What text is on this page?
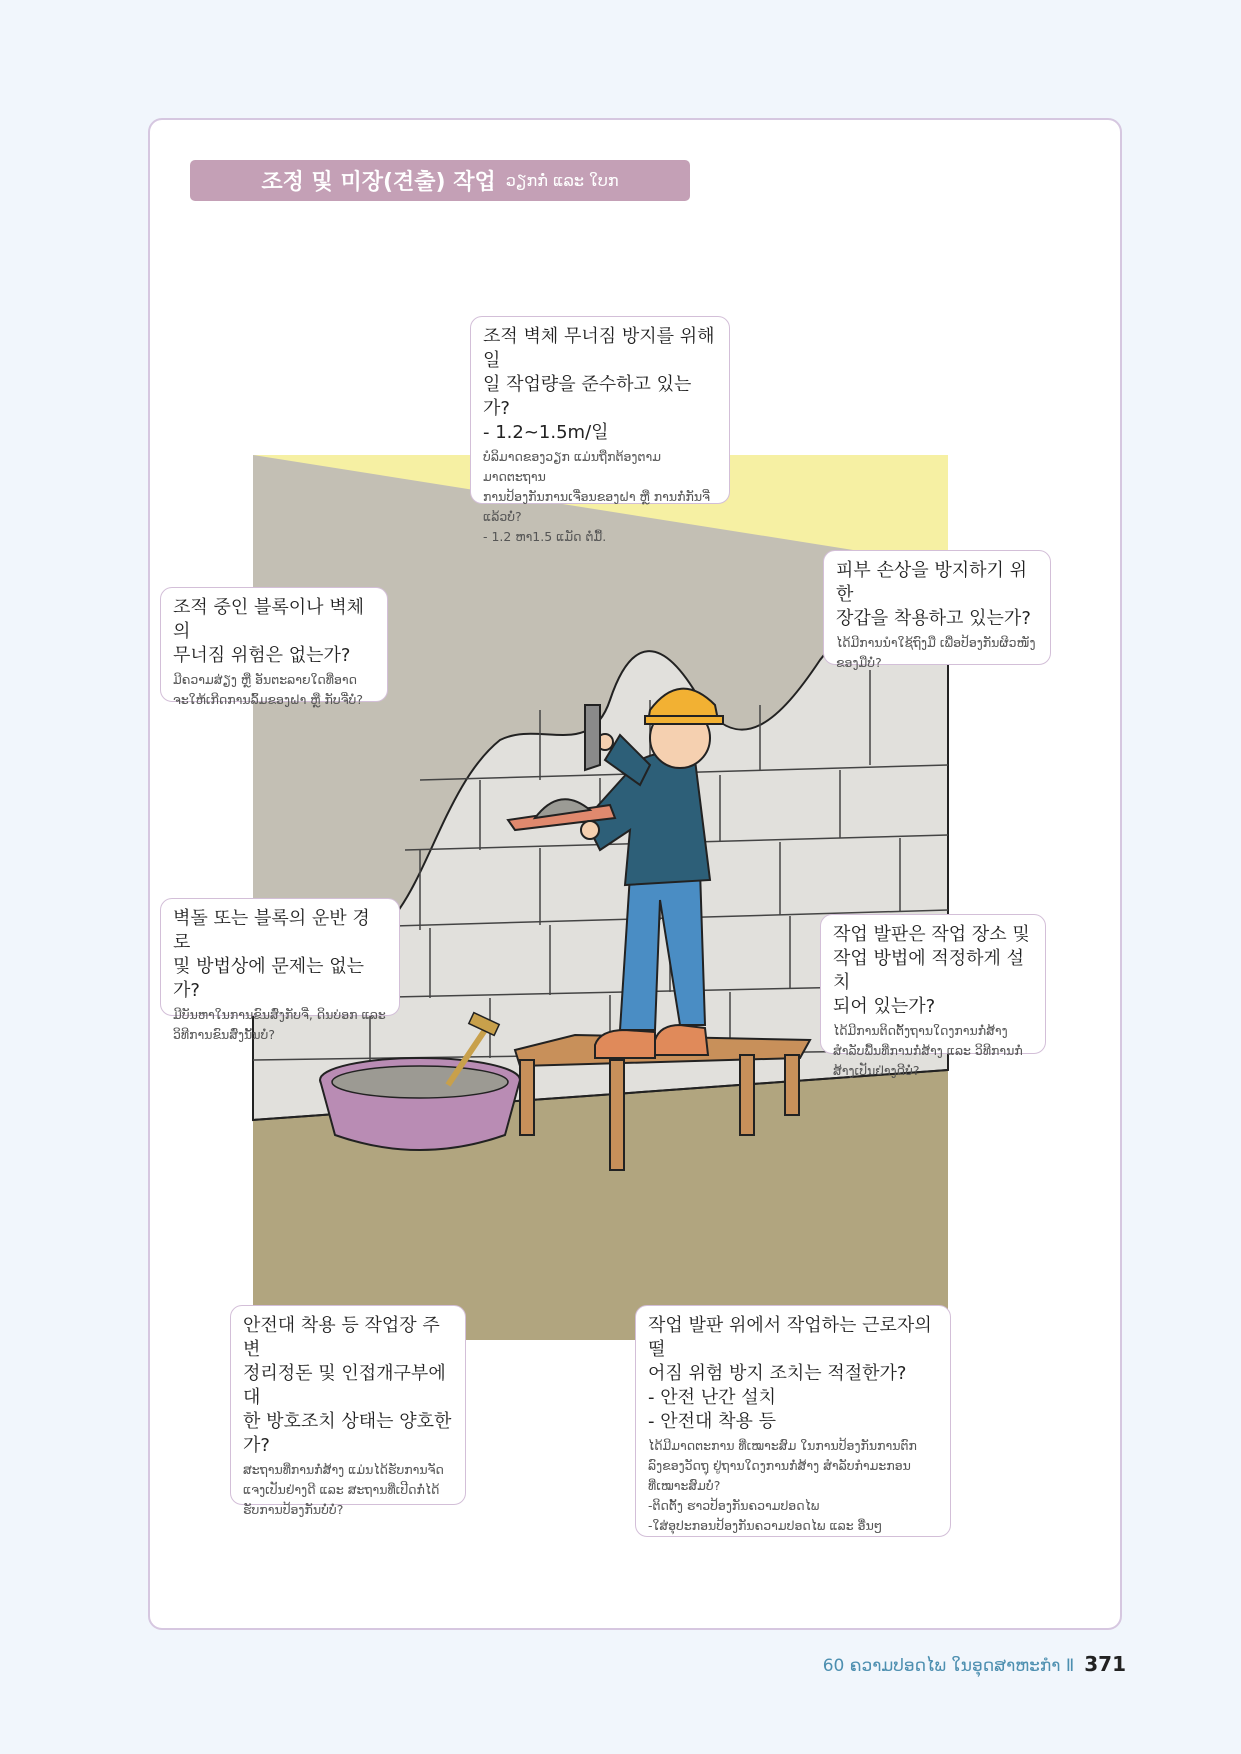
조정 및 미장(견출) 작업 ວຽກກໍ່ ແລະ ໃບກ
조적 벽체 무너짐 방지를 위해 일
일 작업량을 준수하고 있는가?
- 1.2~1.5m/일
ບໍລິມາດຂອງວຽກ ແມ່ນຖືກຕ້ອງຕາມມາດຕະຖານ
ການປ້ອງກັນການເຈື່ອນຂອງຝາ ຫຼື ການກໍ່ກັນຈີ່
ແລ້ວບໍ່?
- 1.2 ຫາ1.5 ແມັດ ຕໍ່ມື້.
피부 손상을 방지하기 위한
장갑을 착용하고 있는가?
ໄດ້ມີການນໍາໃຊ້ຖົງມື ເພື່ອປ້ອງກັນຜິວໜັງ
ຂອງມືບໍ່?
조적 중인 블록이나 벽체의
무너짐 위험은 없는가?
ມີຄວາມສ່ຽງ ຫຼື ອັນຕະລາຍໃດທີ່ອາດ
ຈະໃຫ້ເກີດການລົ້ມຂອງຝາ ຫຼື ກັບຈີ່ບໍ່?
벽돌 또는 블록의 운반 경로
및 방법상에 문제는 없는가?
ມີບັນຫາໃນການຂົນສົ່ງກັບຈີ່, ດິນບ່ອກ ແລະ
ວິທີການຂົນສົ່ງນັ້ນບໍ່?
작업 발판은 작업 장소 및
작업 방법에 적정하게 설치
되어 있는가?
ໄດ້ມີການຕິດຕັ້ງຖານໃດງການກໍ່ສ້າງ
ສໍາລັບພື້ນທີ່ການກໍ່ສ້າງ ແລະ ວິທີການກໍ່
ສ້າງເປັນຢ່າງດີບໍ່?
안전대 착용 등 작업장 주변
정리정돈 및 인접개구부에 대
한 방호조치 상태는 양호한
가?
ສະຖານທີ່ການກໍ່ສ້າງ ແມ່ນໄດ້ຮັບການຈັດ
ແຈງເປັນຢ່າງດີ ແລະ ສະຖານທີ່ເປີດກໍ່ໄດ້
ຮັບການປ້ອງກັນບໍ່ບໍ່?
작업 발판 위에서 작업하는 근로자의 떨
어짐 위험 방지 조치는 적절한가?
- 안전 난간 설치
- 안전대 착용 등
ໄດ້ມີມາດຕະການ ທີ່ເໝາະສົມ ໃນການປ້ອງກັນການຕົກ
ລົງຂອງວັດຖຸ ຢູ່ຖານໃດງການກໍ່ສ້າງ ສໍາລັບກໍາມະກອນ
ທີ່ເໝາະສົມບໍ່?
-ຕິດຕັ້ງ ຮາວປ້ອງກັນຄວາມປອດໄພ
-ໃສ່ອຸປະກອນປ້ອງກັນຄວາມປອດໄພ ແລະ ອື່ນໆ
60 ຄວາມປອດໄພ ໃນອຸດສາຫະກໍາ Ⅱ 371
